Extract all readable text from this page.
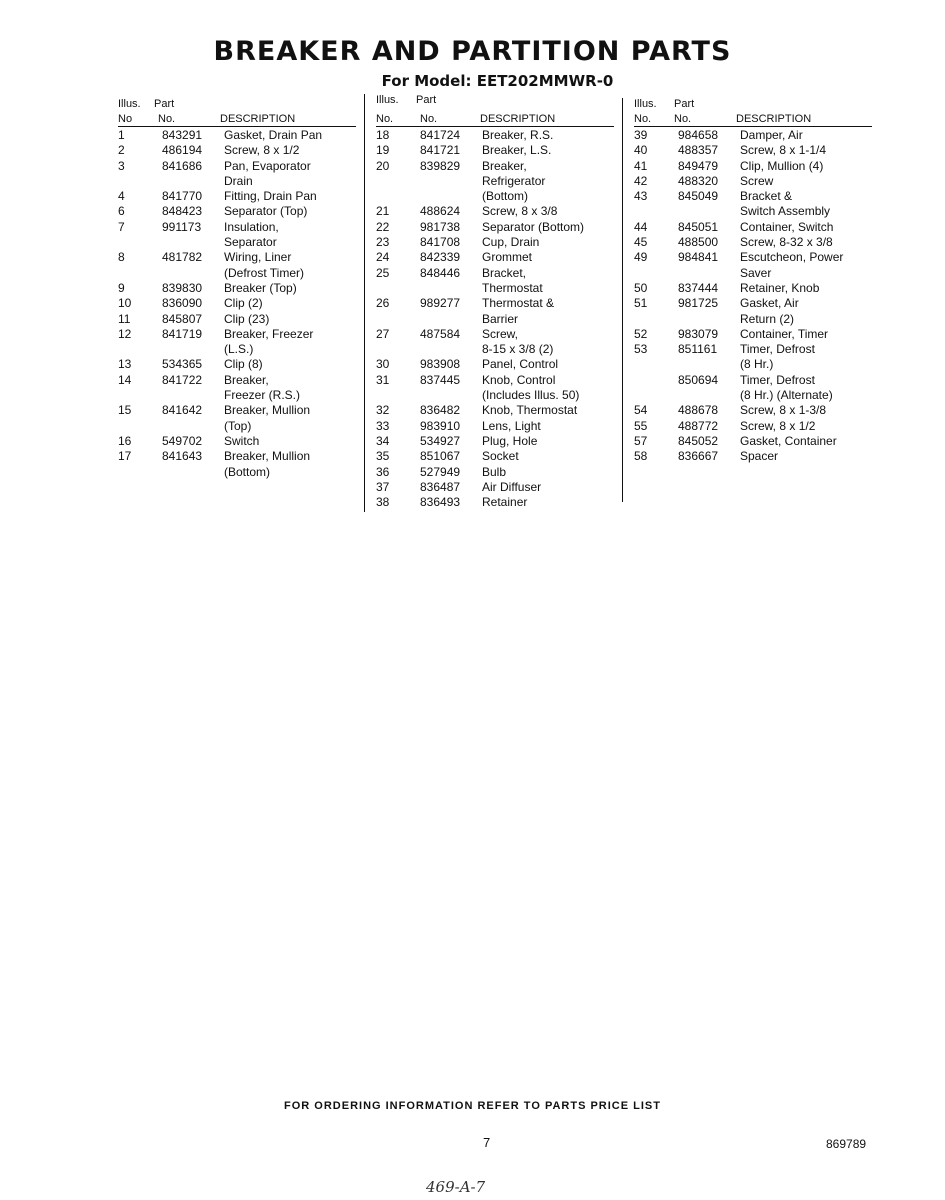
BREAKER AND PARTITION PARTS
For Model: EET202MMWR-0
Illus. Part
No No.	DESCRIPTION
1	843291	Gasket, Drain Pan
2	486194	Screw, 8 x 1/2
3	841686	Pan, Evaporator
Drain
4	841770	Fitting, Drain Pan
6	848423	Separator (Top)
7	991173	Insulation,
Separator
8	481782	Wiring, Liner
(Defrost Timer)
9	839830	Breaker (Top)
10	836090	Clip (2)
11	845807	Clip (23)
12	841719	Breaker, Freezer
(L.S.)
13	534365	Clip (8)
14	841722	Breaker,
Freezer (R.S.)
15	841642	Breaker, Mullion
(Top)
16	549702	Switch
17	841643	Breaker, Mullion
(Bottom)
Illus. Part
No. No.	DESCRIPTION
18	841724	Breaker, R.S.
19	841721	Breaker, L.S.
20	839829	Breaker,
Refrigerator
(Bottom)
21	488624	Screw, 8 x 3/8
22	981738	Separator (Bottom)
23	841708	Cup, Drain
24	842339	Grommet
25	848446	Bracket,
Thermostat
26	989277	Thermostat &
Barrier
27	487584	Screw,
8-15 x 3/8 (2)
30	983908	Panel, Control
31	837445	Knob, Control
(Includes Illus. 50)
32	836482	Knob, Thermostat
33	983910	Lens, Light
34	534927	Plug, Hole
35	851067	Socket
36	527949	Bulb
37	836487	Air Diffuser
38	836493	Retainer
Illus. Part
No. No.	DESCRIPTION
39	984658	Damper, Air
40	488357	Screw, 8 x 1-1/4
41	849479	Clip, Mullion (4)
42	488320	Screw
43	845049	Bracket &
Switch Assembly
44	845051	Container, Switch
45	488500	Screw, 8-32 x 3/8
49	984841	Escutcheon, Power
Saver
50	837444	Retainer, Knob
51	981725	Gasket, Air
Return (2)
52	983079	Container, Timer
53	851161	Timer, Defrost
(8 Hr.)
850694	Timer, Defrost
(8 Hr.) (Alternate)
54	488678	Screw, 8 x 1-3/8
55	488772	Screw, 8 x 1/2
57	845052	Gasket, Container
58	836667	Spacer
FOR ORDERING INFORMATION REFER TO PARTS PRICE LIST
7	869789
469-A-7
